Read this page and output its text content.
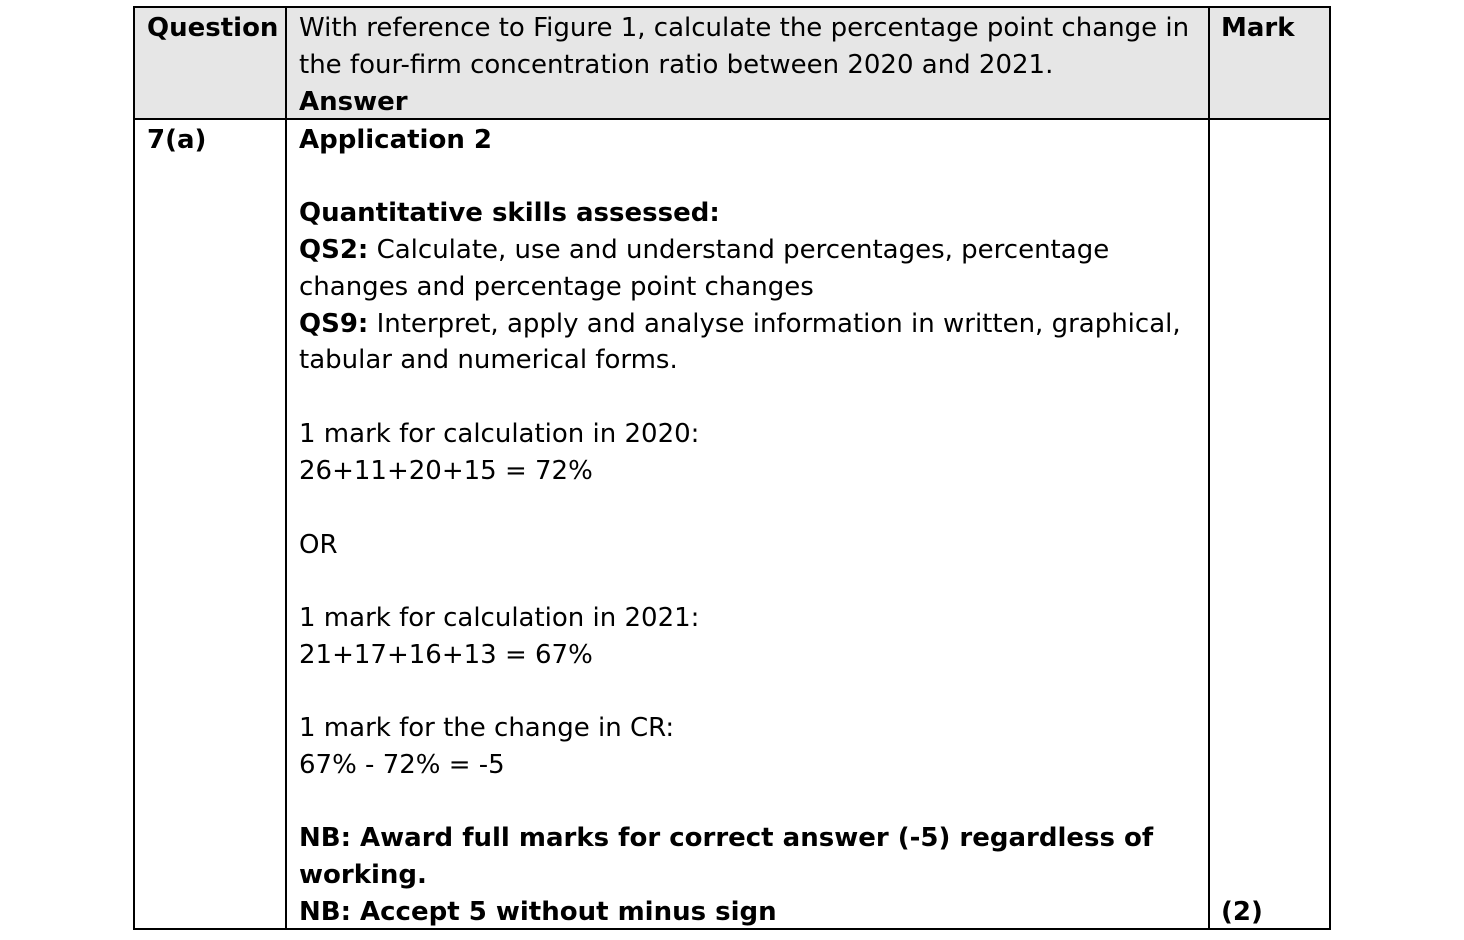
Question With reference to Figure 1, calculate the percentage point change in
the four-firm concentration ratio between 2020 and 2021.
Answer
Mark
7(a)	Application 2
Quantitative skills assessed:
QS2: Calculate, use and understand percentages, percentage
changes and percentage point changes
QS9: Interpret, apply and analyse information in written, graphical,
tabular and numerical forms.
1 mark for calculation in 2020:
26+11+20+15 = 72%
OR
1 mark for calculation in 2021:
21+17+16+13 = 67%
1 mark for the change in CR:
67% - 72% = -5
NB: Award full marks for correct answer (-5) regardless of
working.
NB: Accept 5 without minus sign	(2)
